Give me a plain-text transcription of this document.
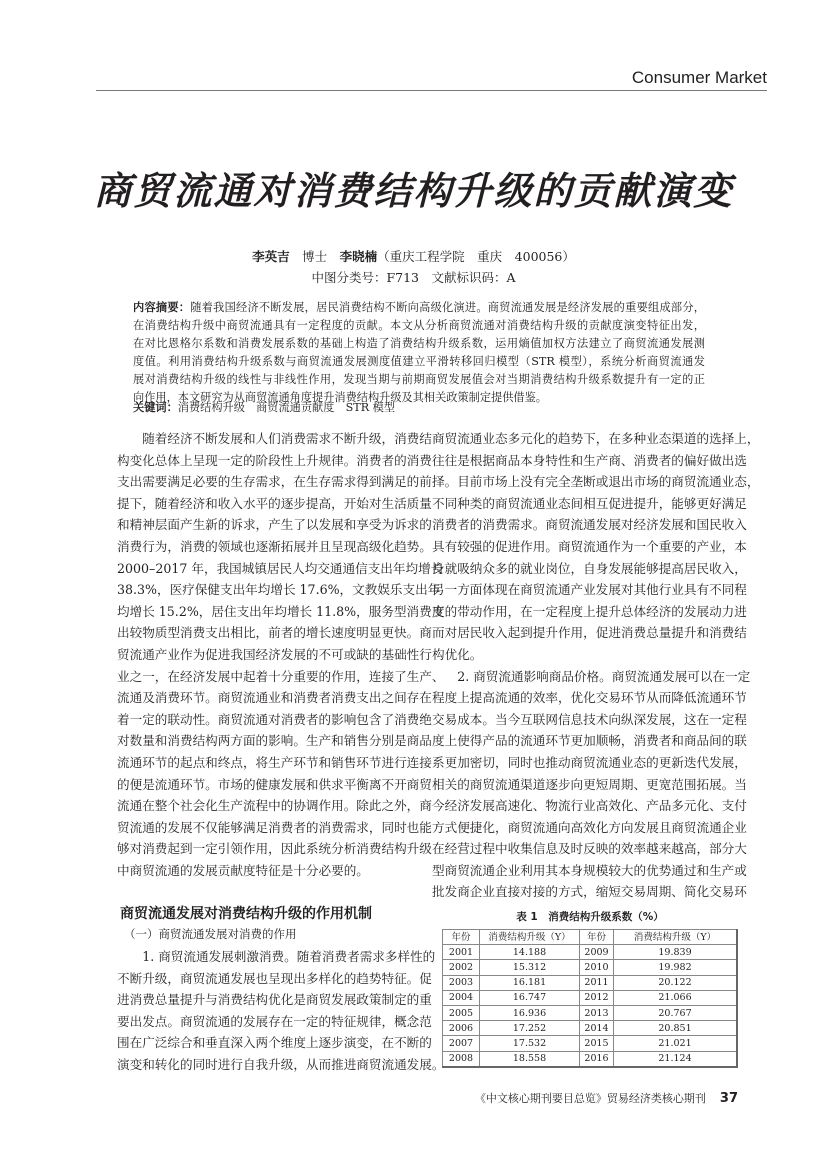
Consumer Market
商贸流通对消费结构升级的贡献演变
李英吉　 博士　 李晓楠（重庆工程学院　重庆　400056）
中图分类号：F713　文献标识码：A
内容摘要：随着我国经济不断发展，居民消费结构不断向高级化演进。商贸流通发展是经济发展的重要组成部分，
在消费结构升级中商贸流通具有一定程度的贡献。本文从分析商贸流通对消费结构升级的贡献度演变特征出发，
在对比恩格尔系数和消费发展系数的基础上构造了消费结构升级系数，运用熵值加权方法建立了商贸流通发展测
度值。利用消费结构升级系数与商贸流通发展测度值建立平滑转移回归模型（STR 模型），系统分析商贸流通发
展对消费结构升级的线性与非线性作用，发现当期与前期商贸发展值会对当期消费结构升级系数提升有一定的正
向作用，本文研究为从商贸流通角度提升消费结构升级及其相关政策制定提供借鉴。
关键词：消费结构升级　商贸流通贡献度　STR 模型
随着经济不断发展和人们消费需求不断升级，消费结
构变化总体上呈现一定的阶段性上升规律。消费者的消费
支出需要满足必要的生存需求，在生存需求得到满足的前
提下，随着经济和收入水平的逐步提高，开始对生活质量
和精神层面产生新的诉求，产生了以发展和享受为诉求的
消费行为，消费的领域也逐渐拓展并且呈现高级化趋势。
2000–2017 年，我国城镇居民人均交通通信支出年均增长
38.3%，医疗保健支出年均增长 17.6%，文教娱乐支出年
均增长 15.2%，居住支出年均增长 11.8%，服务型消费支
出较物质型消费支出相比，前者的增长速度明显更快。商
贸流通产业作为促进我国经济发展的不可或缺的基础性行
业之一，在经济发展中起着十分重要的作用，连接了生产、
流通及消费环节。商贸流通业和消费者消费支出之间存在
着一定的联动性。商贸流通对消费者的影响包含了消费绝
对数量和消费结构两方面的影响。生产和销售分别是商品
流通环节的起点和终点，将生产环节和销售环节进行连接
的便是流通环节。市场的健康发展和供求平衡离不开商贸
流通在整个社会化生产流程中的协调作用。除此之外，商
贸流通的发展不仅能够满足消费者的消费需求，同时也能
够对消费起到一定引领作用，因此系统分析消费结构升级
中商贸流通的发展贡献度特征是十分必要的。
商贸流通发展对消费结构升级的作用机制
（一）商贸流通发展对消费的作用
1. 商贸流通发展刺激消费。随着消费者需求多样性的
不断升级，商贸流通发展也呈现出多样化的趋势特征。促
进消费总量提升与消费结构优化是商贸发展政策制定的重
要出发点。商贸流通的发展存在一定的特征规律，概念范
围在广泛综合和垂直深入两个维度上逐步演变，在不断的
演变和转化的同时进行自我升级，从而推进商贸流通发展。
商贸流通业态多元化的趋势下，在多种业态渠道的选择上，
往往是根据商品本身特性和生产商、消费者的偏好做出选
择。目前市场上没有完全垄断或退出市场的商贸流通业态，
不同种类的商贸流通业态间相互促进提升，能够更好满足
消费者的消费需求。商贸流通发展对经济发展和国民收入
具有较强的促进作用。商贸流通作为一个重要的产业，本
身就吸纳众多的就业岗位，自身发展能够提高居民收入，
另一方面体现在商贸流通产业发展对其他行业具有不同程
度的带动作用，在一定程度上提升总体经济的发展动力进
而对居民收入起到提升作用，促进消费总量提升和消费结
构优化。
2. 商贸流通影响商品价格。商贸流通发展可以在一定
程度上提高流通的效率，优化交易环节从而降低流通环节
交易成本。当今互联网信息技术向纵深发展，这在一定程
度上使得产品的流通环节更加顺畅，消费者和商品间的联
系更加密切，同时也推动商贸流通业态的更新迭代发展，
相关的商贸流通渠道逐步向更短周期、更宽范围拓展。当
今经济发展高速化、物流行业高效化、产品多元化、支付
方式便捷化，商贸流通向高效化方向发展且商贸流通企业
在经营过程中收集信息及时反映的效率越来越高，部分大
型商贸流通企业利用其本身规模较大的优势通过和生产或
批发商企业直接对接的方式，缩短交易周期、简化交易环
表 1　消费结构升级系数（%）
年份	消费结构升级（Y）	年份	消费结构升级（Y）
2001	14.188	2009	19.839
2002	15.312	2010	19.982
2003	16.181	2011	20.122
2004	16.747	2012	21.066
2005	16.936	2013	20.767
2006	17.252	2014	20.851
2007	17.532	2015	21.021
2008	18.558	2016	21.124
《中文核心期刊要目总览》贸易经济类核心期刊 37
